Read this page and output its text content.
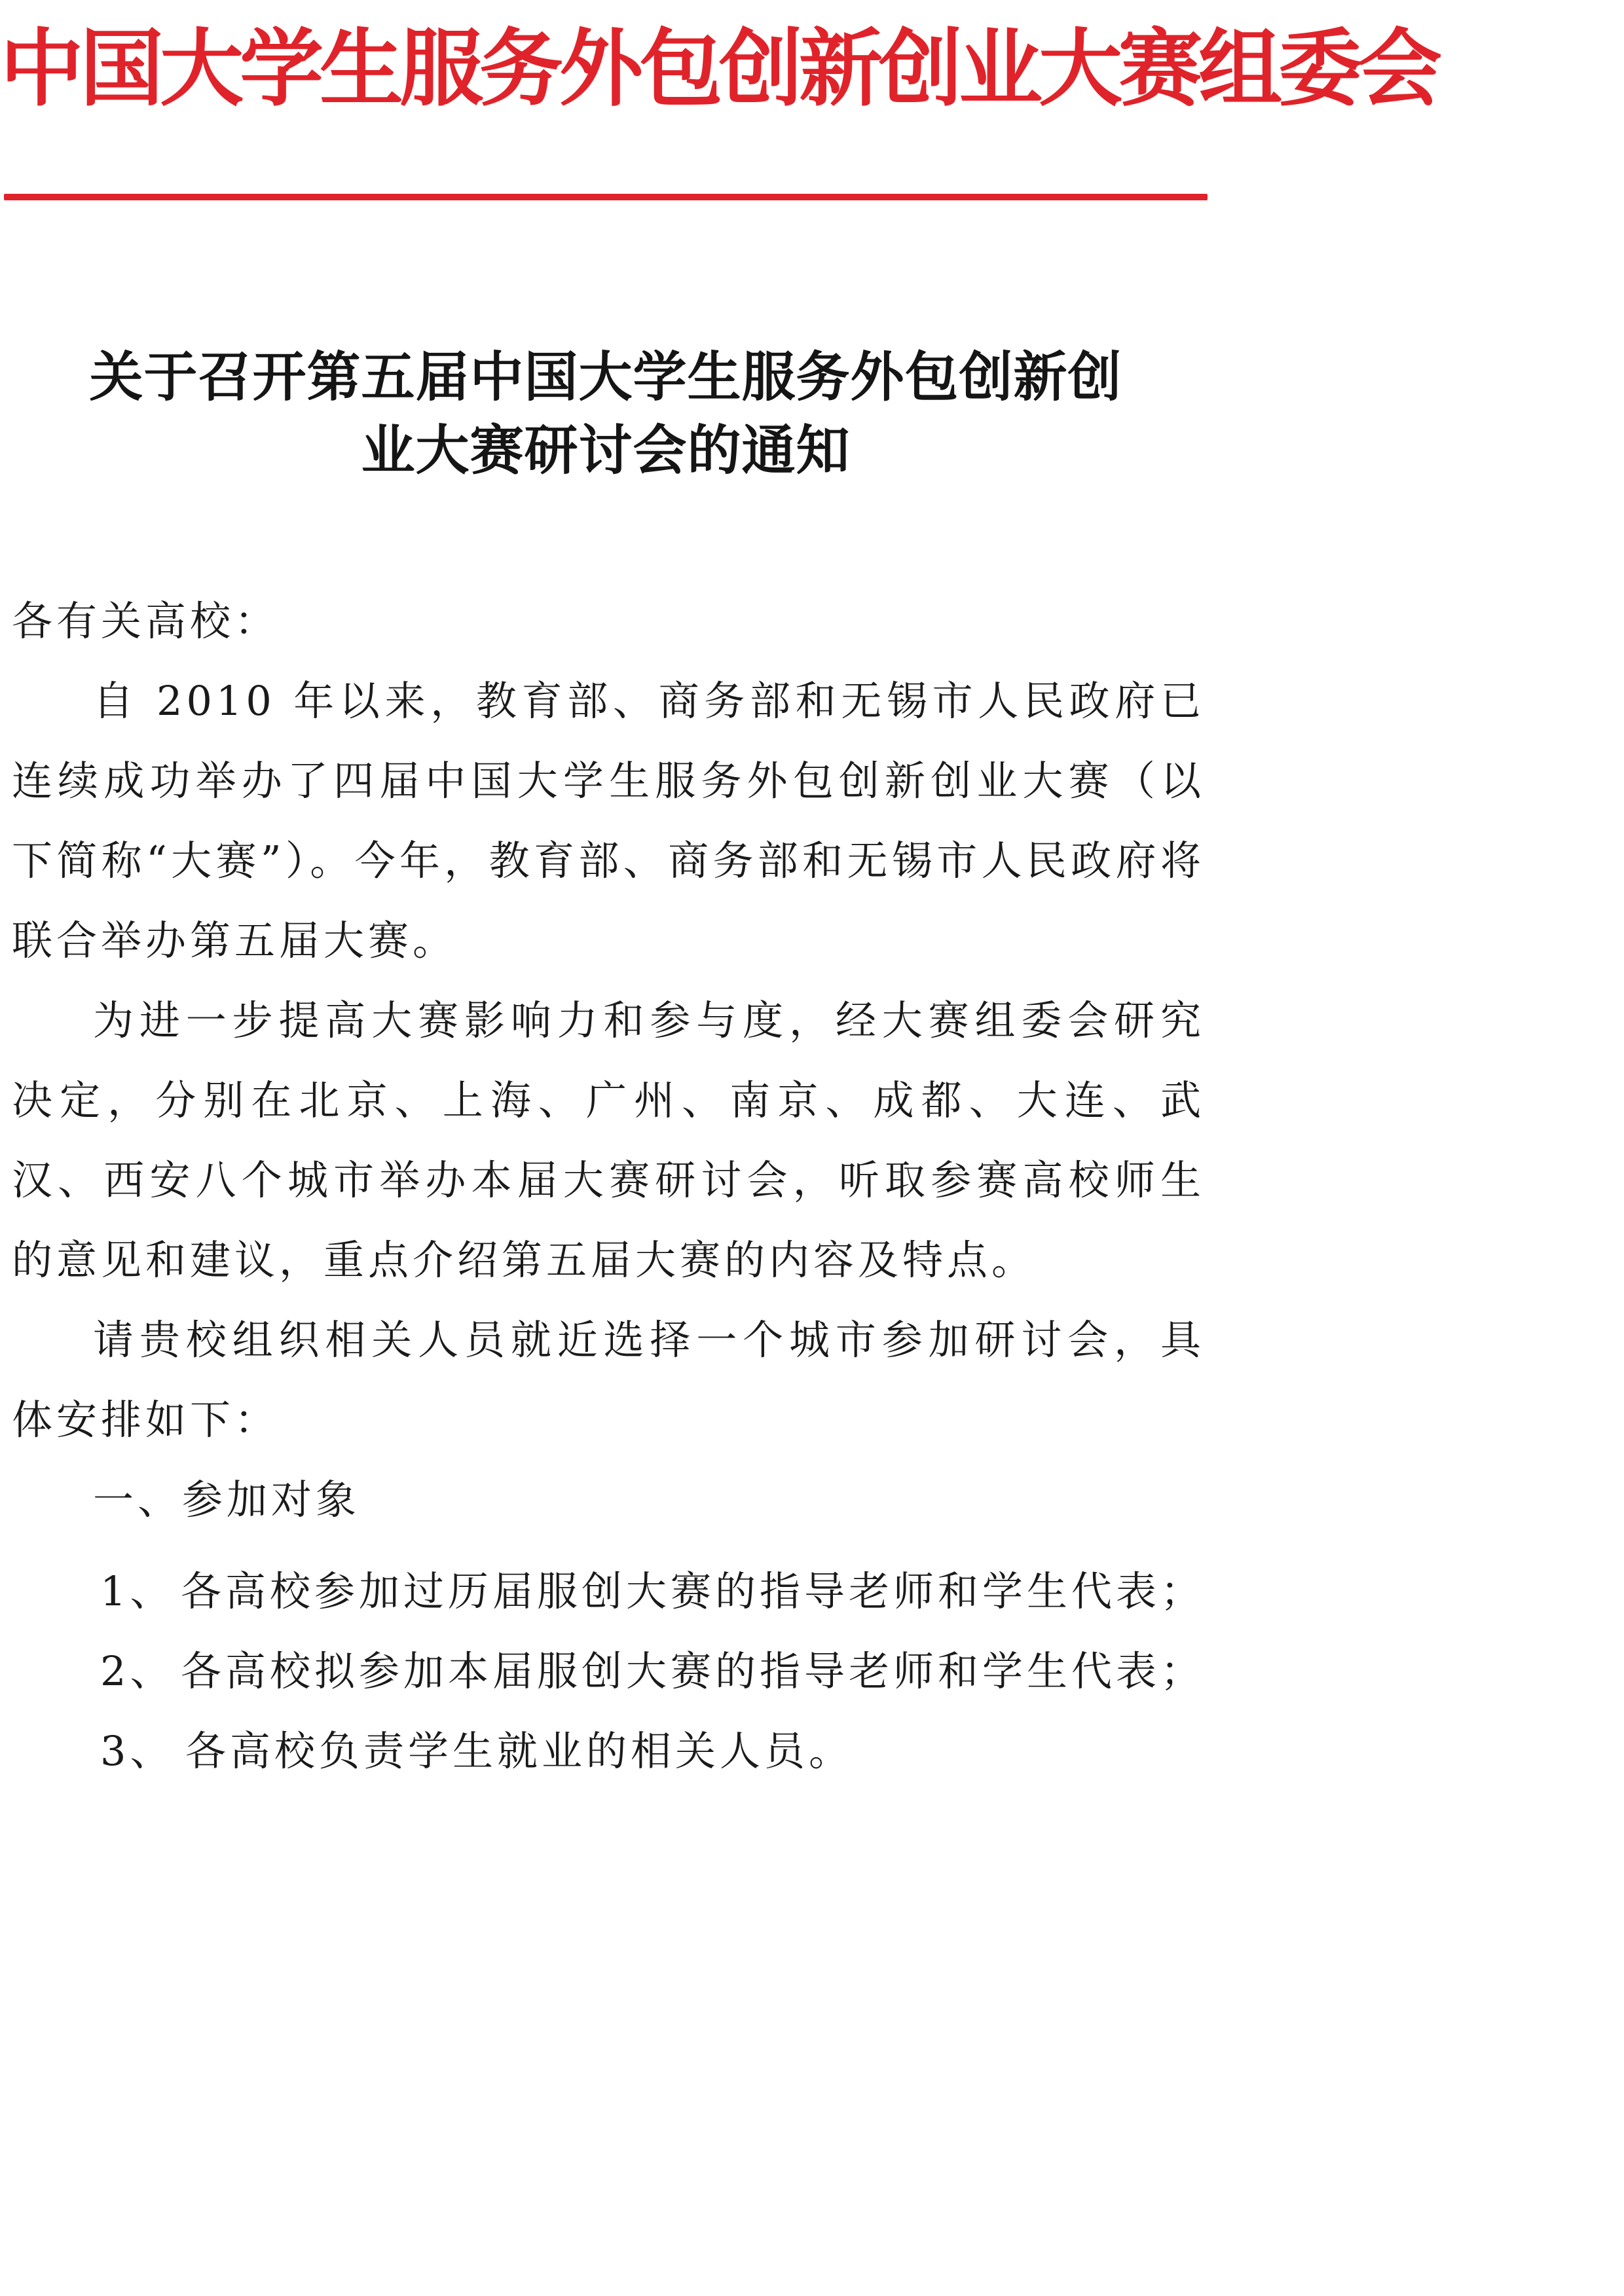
中国大学生服务外包创新创业大赛组委会
关于召开第五届中国大学生服务外包创新创
业大赛研讨会的通知

各有关高校：

自 2010 年以来，教育部、商务部和无锡市人民政府已连续成功举办了四届中国大学生服务外包创新创业大赛（以下简称“大赛”）。今年，教育部、商务部和无锡市人民政府将联合举办第五届大赛。

为进一步提高大赛影响力和参与度，经大赛组委会研究决定，分别在北京、上海、广州、南京、成都、大连、武汉、西安八个城市举办本届大赛研讨会，听取参赛高校师生的意见和建议，重点介绍第五届大赛的内容及特点。

请贵校组织相关人员就近选择一个城市参加研讨会，具体安排如下：

一、参加对象

1、 各高校参加过历届服创大赛的指导老师和学生代表；
2、 各高校拟参加本届服创大赛的指导老师和学生代表；
3、 各高校负责学生就业的相关人员。
